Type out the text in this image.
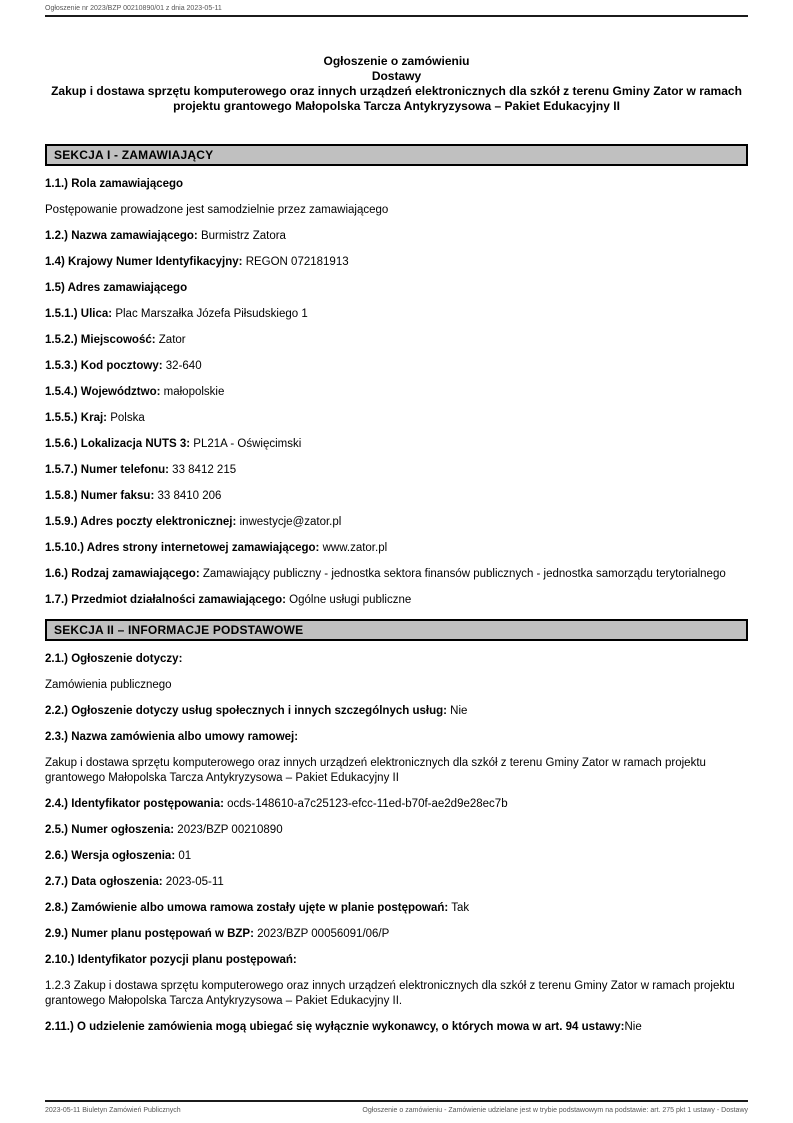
Ogłoszenie nr 2023/BZP 00210890/01 z dnia 2023-05-11
Ogłoszenie o zamówieniu
Dostawy
Zakup i dostawa sprzętu komputerowego oraz innych urządzeń elektronicznych dla szkół z terenu Gminy Zator w ramach projektu grantowego Małopolska Tarcza Antykryzysowa – Pakiet Edukacyjny II
SEKCJA I - ZAMAWIAJĄCY

1.1.) Rola zamawiającego

Postępowanie prowadzone jest samodzielnie przez zamawiającego

1.2.) Nazwa zamawiającego: Burmistrz Zatora

1.4) Krajowy Numer Identyfikacyjny: REGON 072181913

1.5) Adres zamawiającego

1.5.1.) Ulica: Plac Marszałka Józefa Piłsudskiego 1

1.5.2.) Miejscowość: Zator

1.5.3.) Kod pocztowy: 32-640

1.5.4.) Województwo: małopolskie

1.5.5.) Kraj: Polska

1.5.6.) Lokalizacja NUTS 3: PL21A - Oświęcimski

1.5.7.) Numer telefonu: 33 8412 215

1.5.8.) Numer faksu: 33 8410 206

1.5.9.) Adres poczty elektronicznej: inwestycje@zator.pl

1.5.10.) Adres strony internetowej zamawiającego: www.zator.pl

1.6.) Rodzaj zamawiającego: Zamawiający publiczny - jednostka sektora finansów publicznych - jednostka samorządu terytorialnego

1.7.) Przedmiot działalności zamawiającego: Ogólne usługi publiczne

SEKCJA II – INFORMACJE PODSTAWOWE

2.1.) Ogłoszenie dotyczy:

Zamówienia publicznego

2.2.) Ogłoszenie dotyczy usług społecznych i innych szczególnych usług: Nie

2.3.) Nazwa zamówienia albo umowy ramowej:

Zakup i dostawa sprzętu komputerowego oraz innych urządzeń elektronicznych dla szkół z terenu Gminy Zator w ramach projektu grantowego Małopolska Tarcza Antykryzysowa – Pakiet Edukacyjny II

2.4.) Identyfikator postępowania: ocds-148610-a7c25123-efcc-11ed-b70f-ae2d9e28ec7b

2.5.) Numer ogłoszenia: 2023/BZP 00210890

2.6.) Wersja ogłoszenia: 01

2.7.) Data ogłoszenia: 2023-05-11

2.8.) Zamówienie albo umowa ramowa zostały ujęte w planie postępowań: Tak

2.9.) Numer planu postępowań w BZP: 2023/BZP 00056091/06/P

2.10.) Identyfikator pozycji planu postępowań:

1.2.3 Zakup i dostawa sprzętu komputerowego oraz innych urządzeń elektronicznych dla szkół z terenu Gminy Zator w ramach projektu grantowego Małopolska Tarcza Antykryzysowa – Pakiet Edukacyjny II.

2.11.) O udzielenie zamówienia mogą ubiegać się wyłącznie wykonawcy, o których mowa w art. 94 ustawy:Nie

2023-05-11 Biuletyn Zamówień Publicznych	Ogłoszenie o zamówieniu - Zamówienie udzielane jest w trybie podstawowym na podstawie: art. 275 pkt 1 ustawy - Dostawy
